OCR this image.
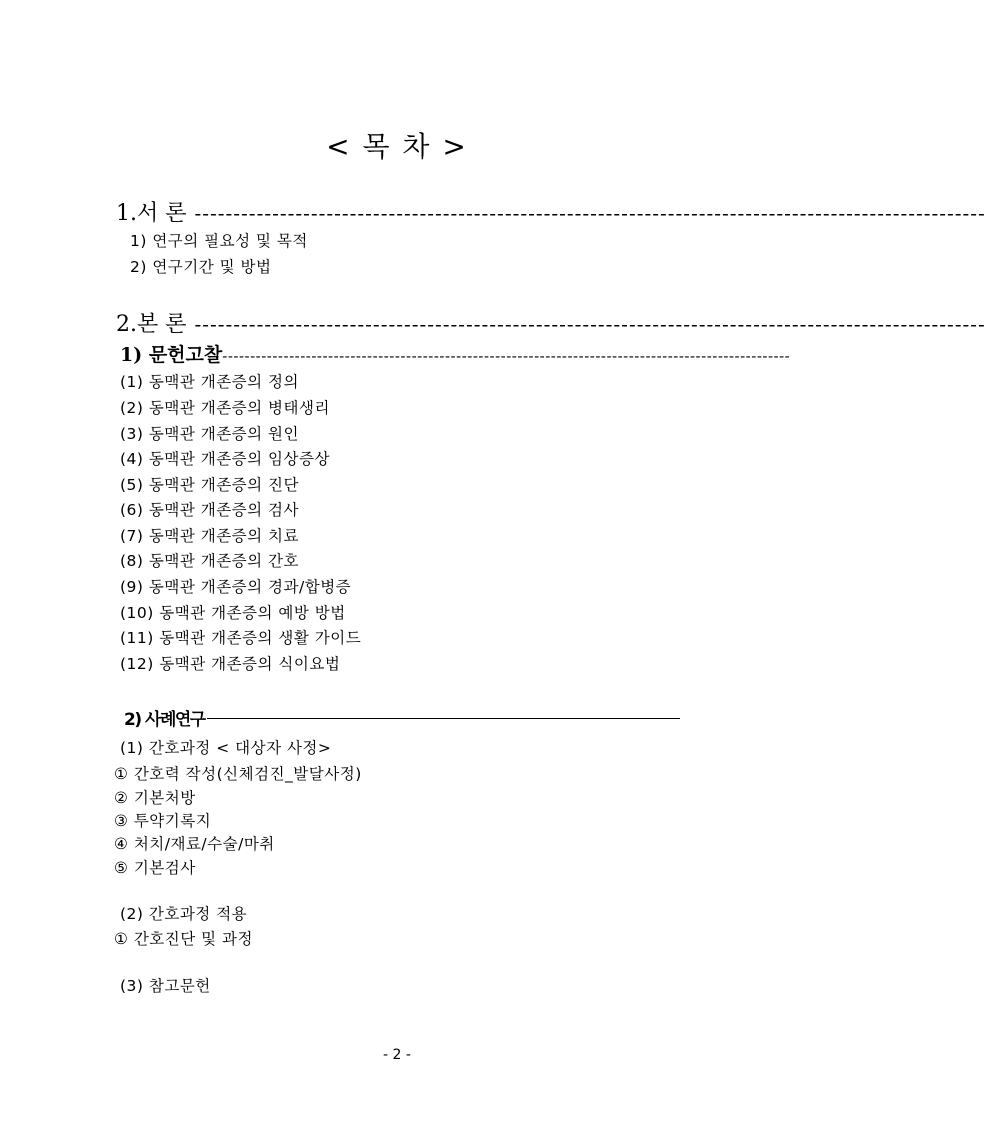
< 목 차 >
1.서 론 ------------------------------------------------------------------------------------------------------
1) 연구의 필요성 및 목적
2) 연구기간 및 방법
2.본 론 ------------------------------------------------------------------------------------------------------
1) 문헌고찰 ------------------------------------------------------------------------------------------------------
(1) 동맥관 개존증의 정의
(2) 동맥관 개존증의 병태생리
(3) 동맥관 개존증의 원인
(4) 동맥관 개존증의 임상증상
(5) 동맥관 개존증의 진단
(6) 동맥관 개존증의 검사
(7) 동맥관 개존증의 치료
(8) 동맥관 개존증의 간호
(9) 동맥관 개존증의 경과/합병증
(10) 동맥관 개존증의 예방 방법
(11) 동맥관 개존증의 생활 가이드
(12) 동맥관 개존증의 식이요법
2) 사례연구
(1) 간호과정 < 대상자 사정>
① 간호력 작성(신체검진_발달사정)
② 기본처방
③ 투약기록지
④ 처치/재료/수술/마취
⑤ 기본검사
(2) 간호과정 적용
① 간호진단 및 과정
(3) 참고문헌
- 2 -
